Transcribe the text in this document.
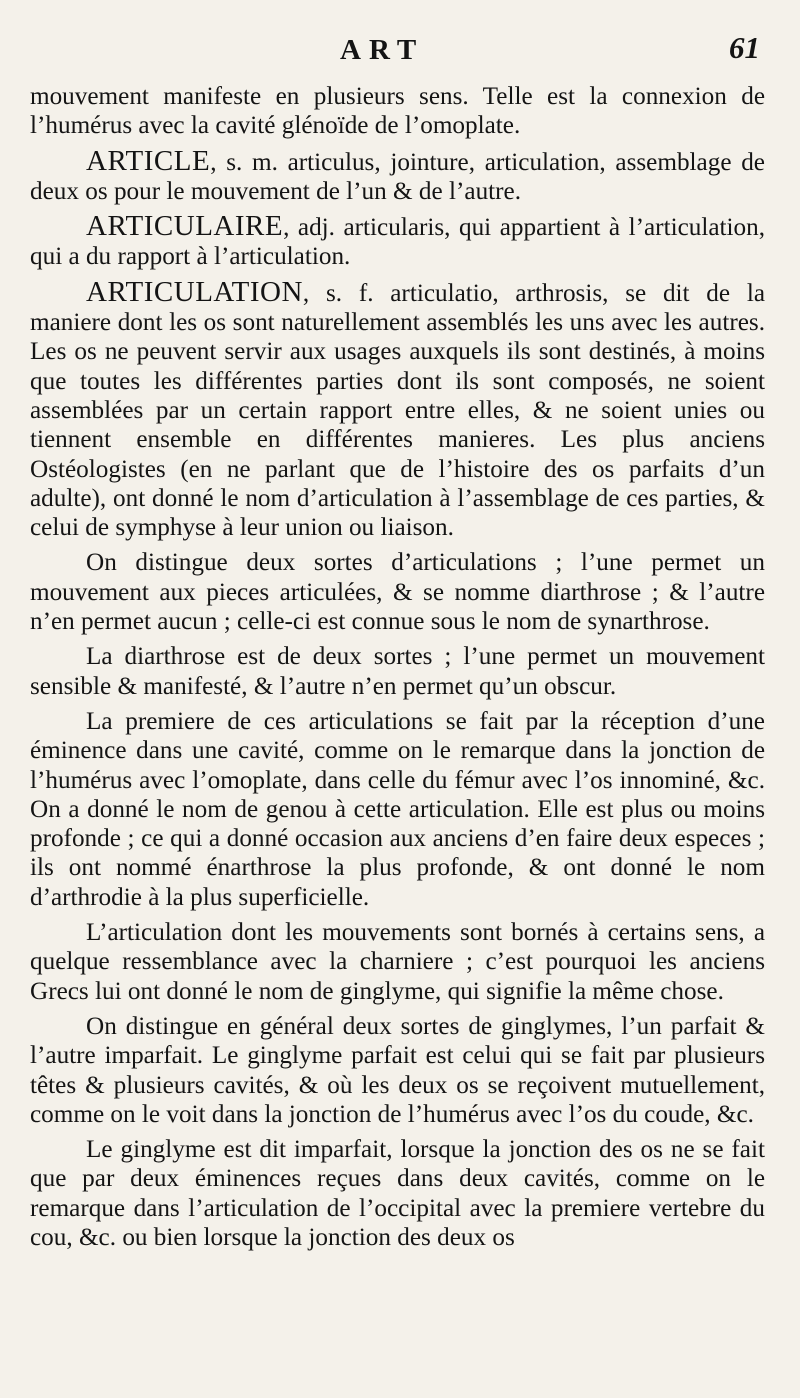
ART	61

mouvement manifeste en plusieurs sens. Telle est la connexion de l’humérus avec la cavité glénoïde de l’omoplate.

ARTICLE, s. m. articulus, jointure, articulation, assemblage de deux os pour le mouvement de l’un & de l’autre.

ARTICULAIRE, adj. articularis, qui appartient à l’articulation, qui a du rapport à l’articulation.

ARTICULATION, s. f. articulatio, arthrosis, se dit de la maniere dont les os sont naturellement assemblés les uns avec les autres. Les os ne peuvent servir aux usages auxquels ils sont destinés, à moins que toutes les différentes parties dont ils sont composés, ne soient assemblées par un certain rapport entre elles, & ne soient unies ou tiennent ensemble en différentes manieres. Les plus anciens Ostéologistes (en ne parlant que de l’histoire des os parfaits d’un adulte), ont donné le nom d’articulation à l’assemblage de ces parties, & celui de symphyse à leur union ou liaison.

On distingue deux sortes d’articulations ; l’une permet un mouvement aux pieces articulées, & se nomme diarthrose ; & l’autre n’en permet aucun ; celle-ci est connue sous le nom de synarthrose.

La diarthrose est de deux sortes ; l’une permet un mouvement sensible & manifesté, & l’autre n’en permet qu’un obscur.

La premiere de ces articulations se fait par la réception d’une éminence dans une cavité, comme on le remarque dans la jonction de l’humérus avec l’omoplate, dans celle du fémur avec l’os innominé, &c. On a donné le nom de genou à cette articulation. Elle est plus ou moins profonde ; ce qui a donné occasion aux anciens d’en faire deux especes ; ils ont nommé énarthrose la plus profonde, & ont donné le nom d’arthrodie à la plus superficielle.

L’articulation dont les mouvements sont bornés à certains sens, a quelque ressemblance avec la charniere ; c’est pourquoi les anciens Grecs lui ont donné le nom de ginglyme, qui signifie la même chose.

On distingue en général deux sortes de ginglymes, l’un parfait & l’autre imparfait. Le ginglyme parfait est celui qui se fait par plusieurs têtes & plusieurs cavités, & où les deux os se reçoivent mutuellement, comme on le voit dans la jonction de l’humérus avec l’os du coude, &c.

Le ginglyme est dit imparfait, lorsque la jonction des os ne se fait que par deux éminences reçues dans deux cavités, comme on le remarque dans l’articulation de l’occipital avec la premiere vertebre du cou, &c. ou bien lorsque la jonction des deux os
